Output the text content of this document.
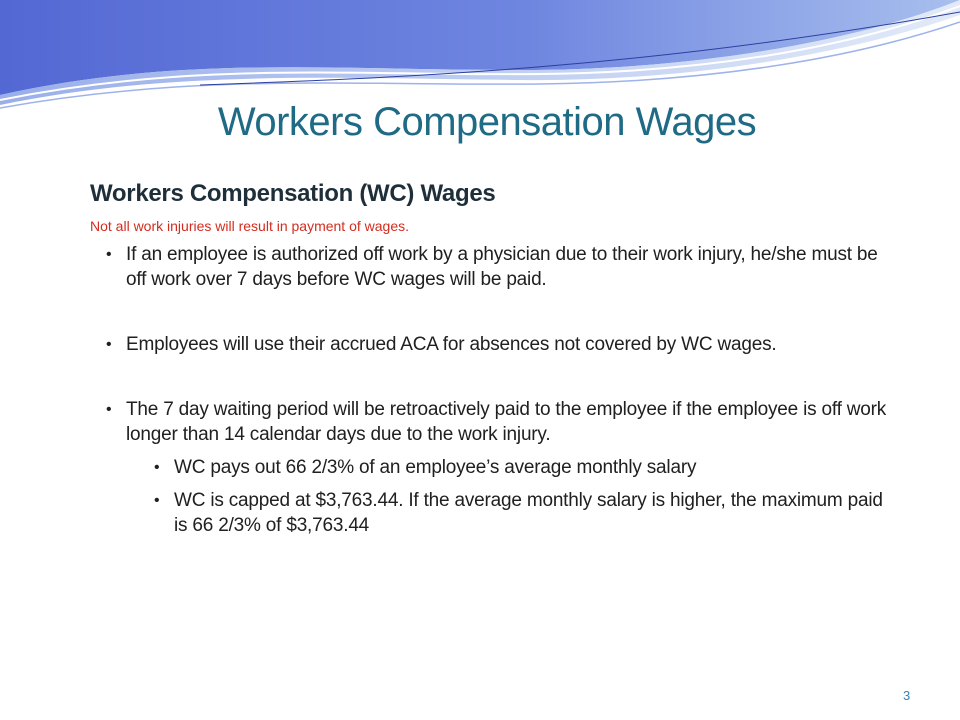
Workers Compensation Wages
Workers Compensation (WC) Wages

Not all work injuries will result in payment of wages.

• If an employee is authorized off work by a physician due to their work injury, he/she must be off work over 7 days before WC wages will be paid.
• Employees will use their accrued ACA for absences not covered by WC wages.
• The 7 day waiting period will be retroactively paid to the employee if the employee is off work longer than 14 calendar days due to the work injury.
• WC pays out 66 2/3% of an employee’s average monthly salary
• WC is capped at $3,763.44. If the average monthly salary is higher, the maximum paid is 66 2/3% of $3,763.44
3
